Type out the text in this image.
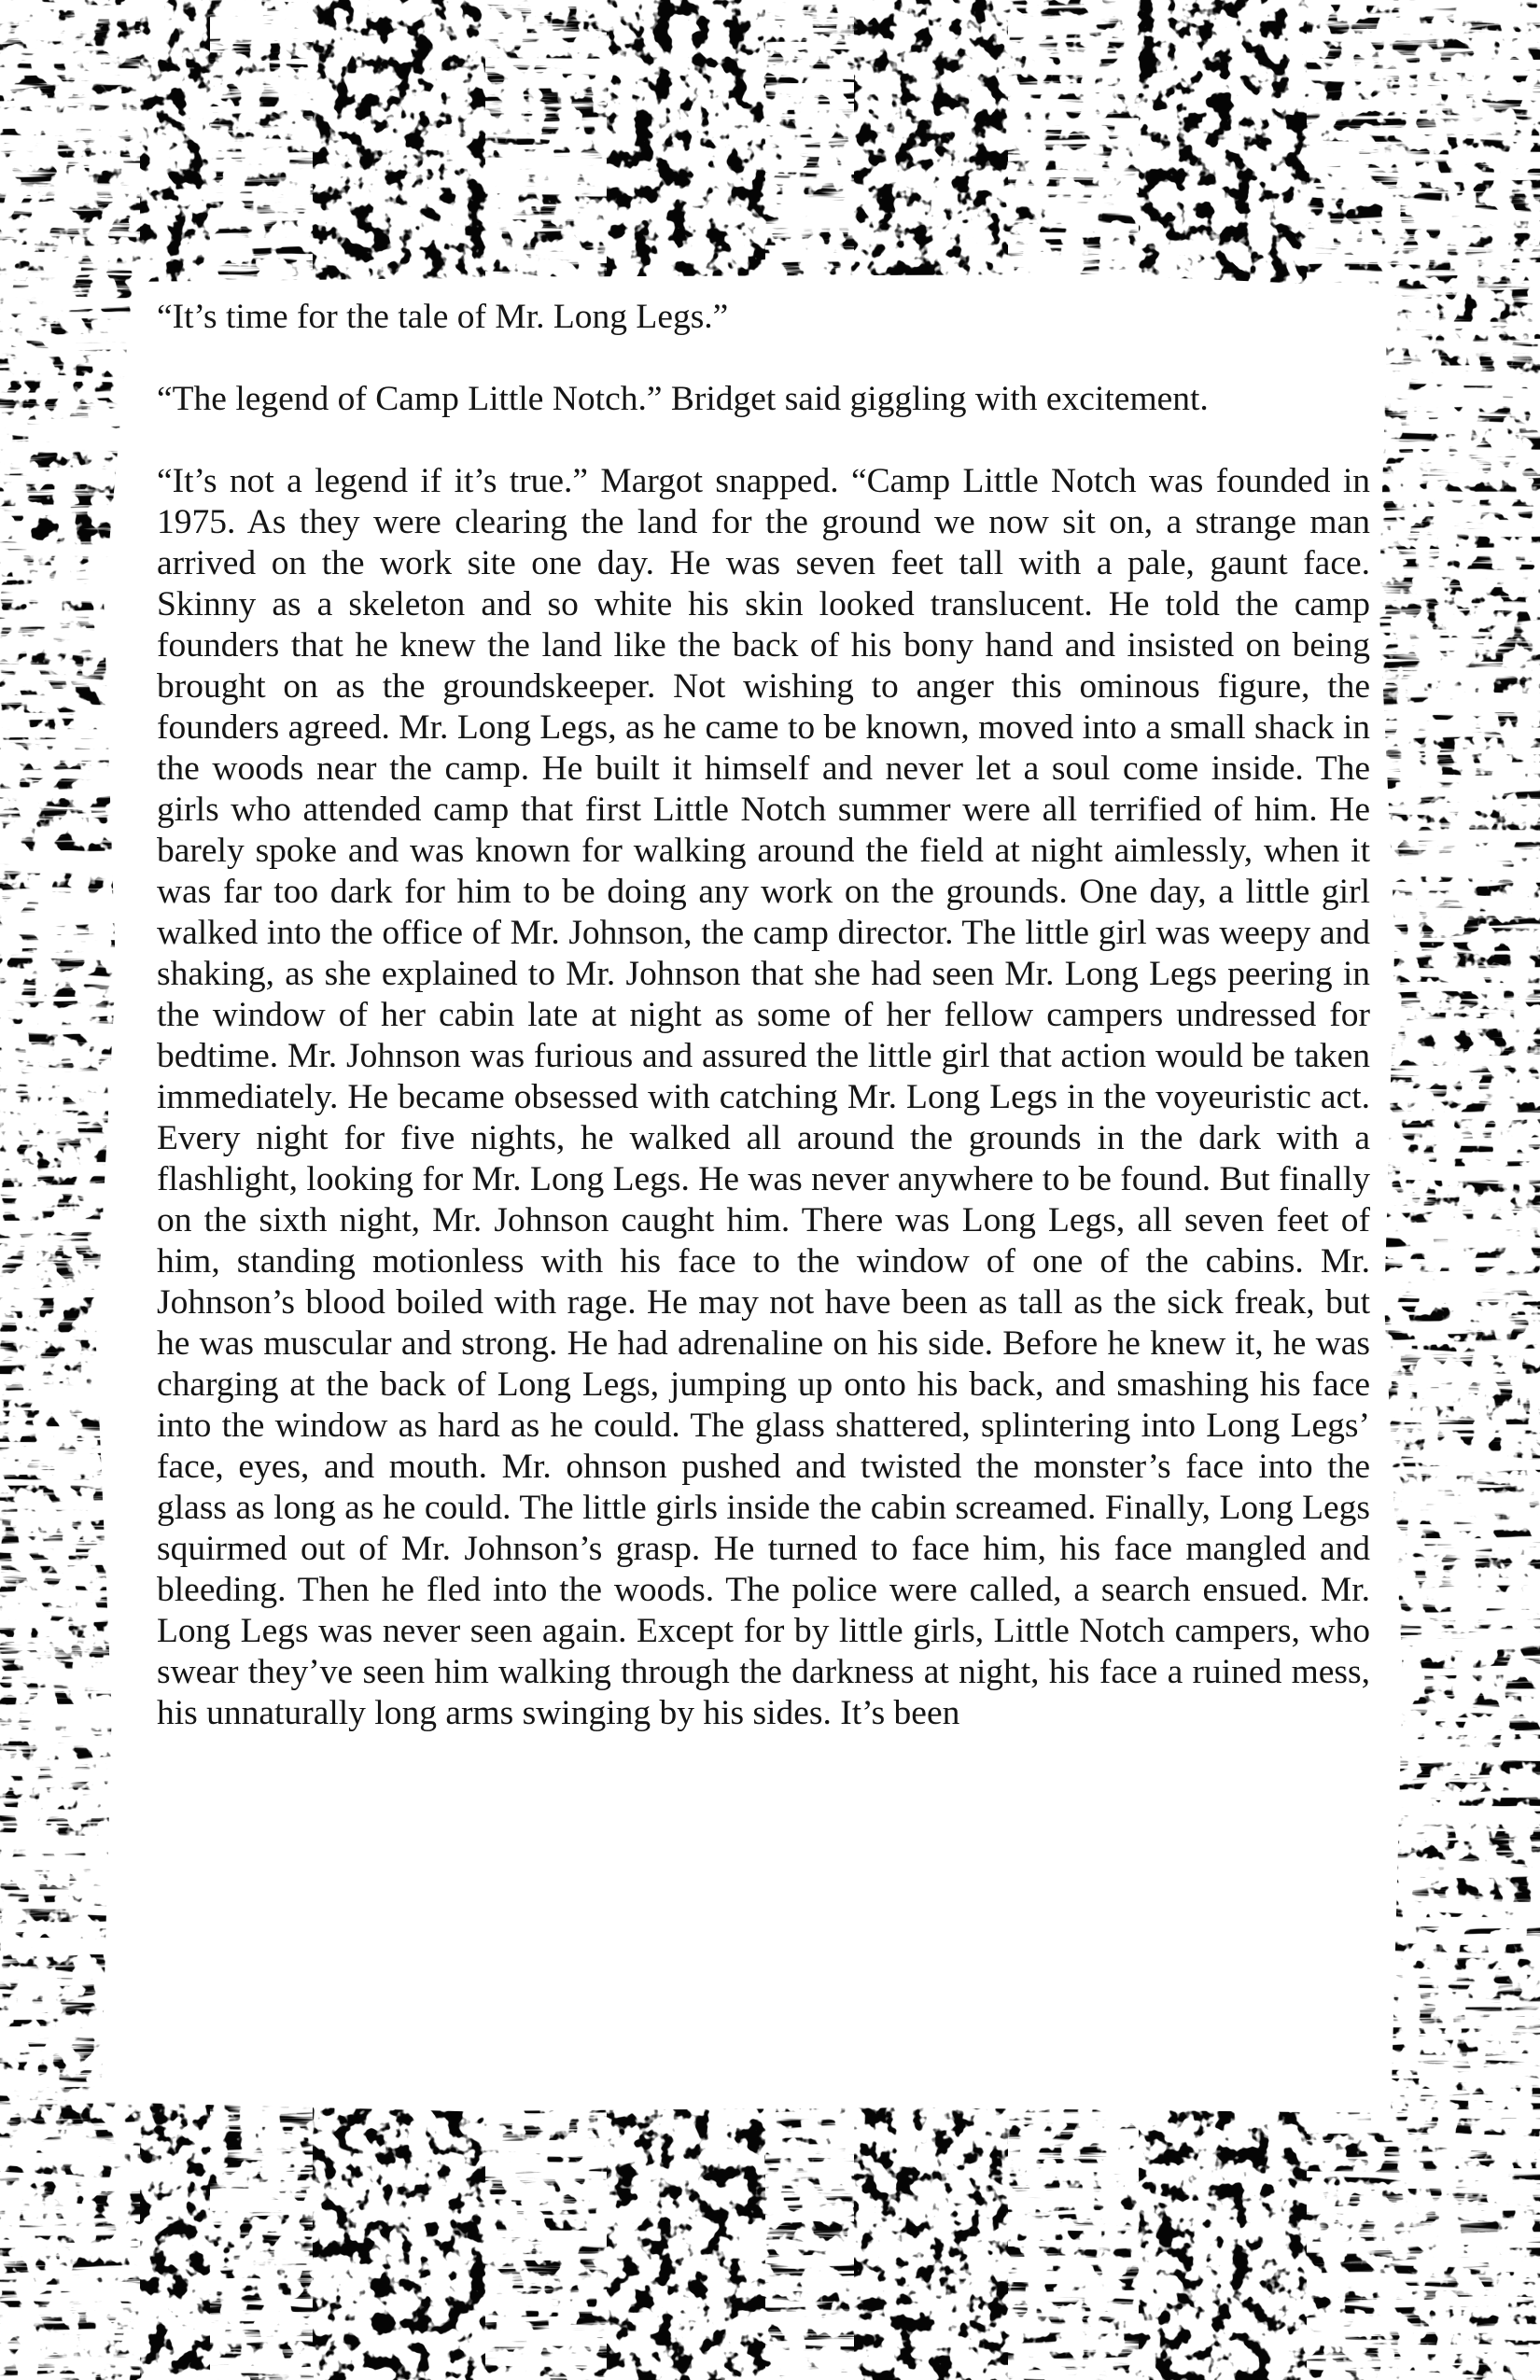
“It’s time for the tale of Mr. Long Legs.”

“The legend of Camp Little Notch.” Bridget said giggling with excitement.

“It’s not a legend if it’s true.” Margot snapped. “Camp Little Notch was founded in 1975. As they were clearing the land for the ground we now sit on, a strange man arrived on the work site one day. He was seven feet tall with a pale, gaunt face. Skinny as a skeleton and so white his skin looked translucent. He told the camp founders that he knew the land like the back of his bony hand and insisted on being brought on as the groundskeeper. Not wishing to anger this ominous figure, the founders agreed. Mr. Long Legs, as he came to be known, moved into a small shack in the woods near the camp. He built it himself and never let a soul come inside. The girls who attended camp that first Little Notch summer were all terrified of him. He barely spoke and was known for walking around the field at night aimlessly, when it was far too dark for him to be doing any work on the grounds. One day, a little girl walked into the office of Mr. Johnson, the camp director. The little girl was weepy and shaking, as she explained to Mr. Johnson that she had seen Mr. Long Legs peering in the window of her cabin late at night as some of her fellow campers undressed for bedtime. Mr. Johnson was furious and assured the little girl that action would be taken immediately. He became obsessed with catching Mr. Long Legs in the voyeuristic act. Every night for five nights, he walked all around the grounds in the dark with a flashlight, looking for Mr. Long Legs. He was never anywhere to be found. But finally on the sixth night, Mr. Johnson caught him. There was Long Legs, all seven feet of him, standing motionless with his face to the window of one of the cabins. Mr. Johnson’s blood boiled with rage. He may not have been as tall as the sick freak, but he was muscular and strong. He had adrenaline on his side. Before he knew it, he was charging at the back of Long Legs, jumping up onto his back, and smashing his face into the window as hard as he could. The glass shattered, splintering into Long Legs’ face, eyes, and mouth. Mr. ohnson pushed and twisted the monster’s face into the glass as long as he could. The little girls inside the cabin screamed. Finally, Long Legs squirmed out of Mr. Johnson’s grasp. He turned to face him, his face mangled and bleeding. Then he fled into the woods. The police were called, a search ensued. Mr. Long Legs was never seen again. Except for by little girls, Little Notch campers, who swear they’ve seen him walking through the darkness at night, his face a ruined mess, his unnaturally long arms swinging by his sides. It’s been
